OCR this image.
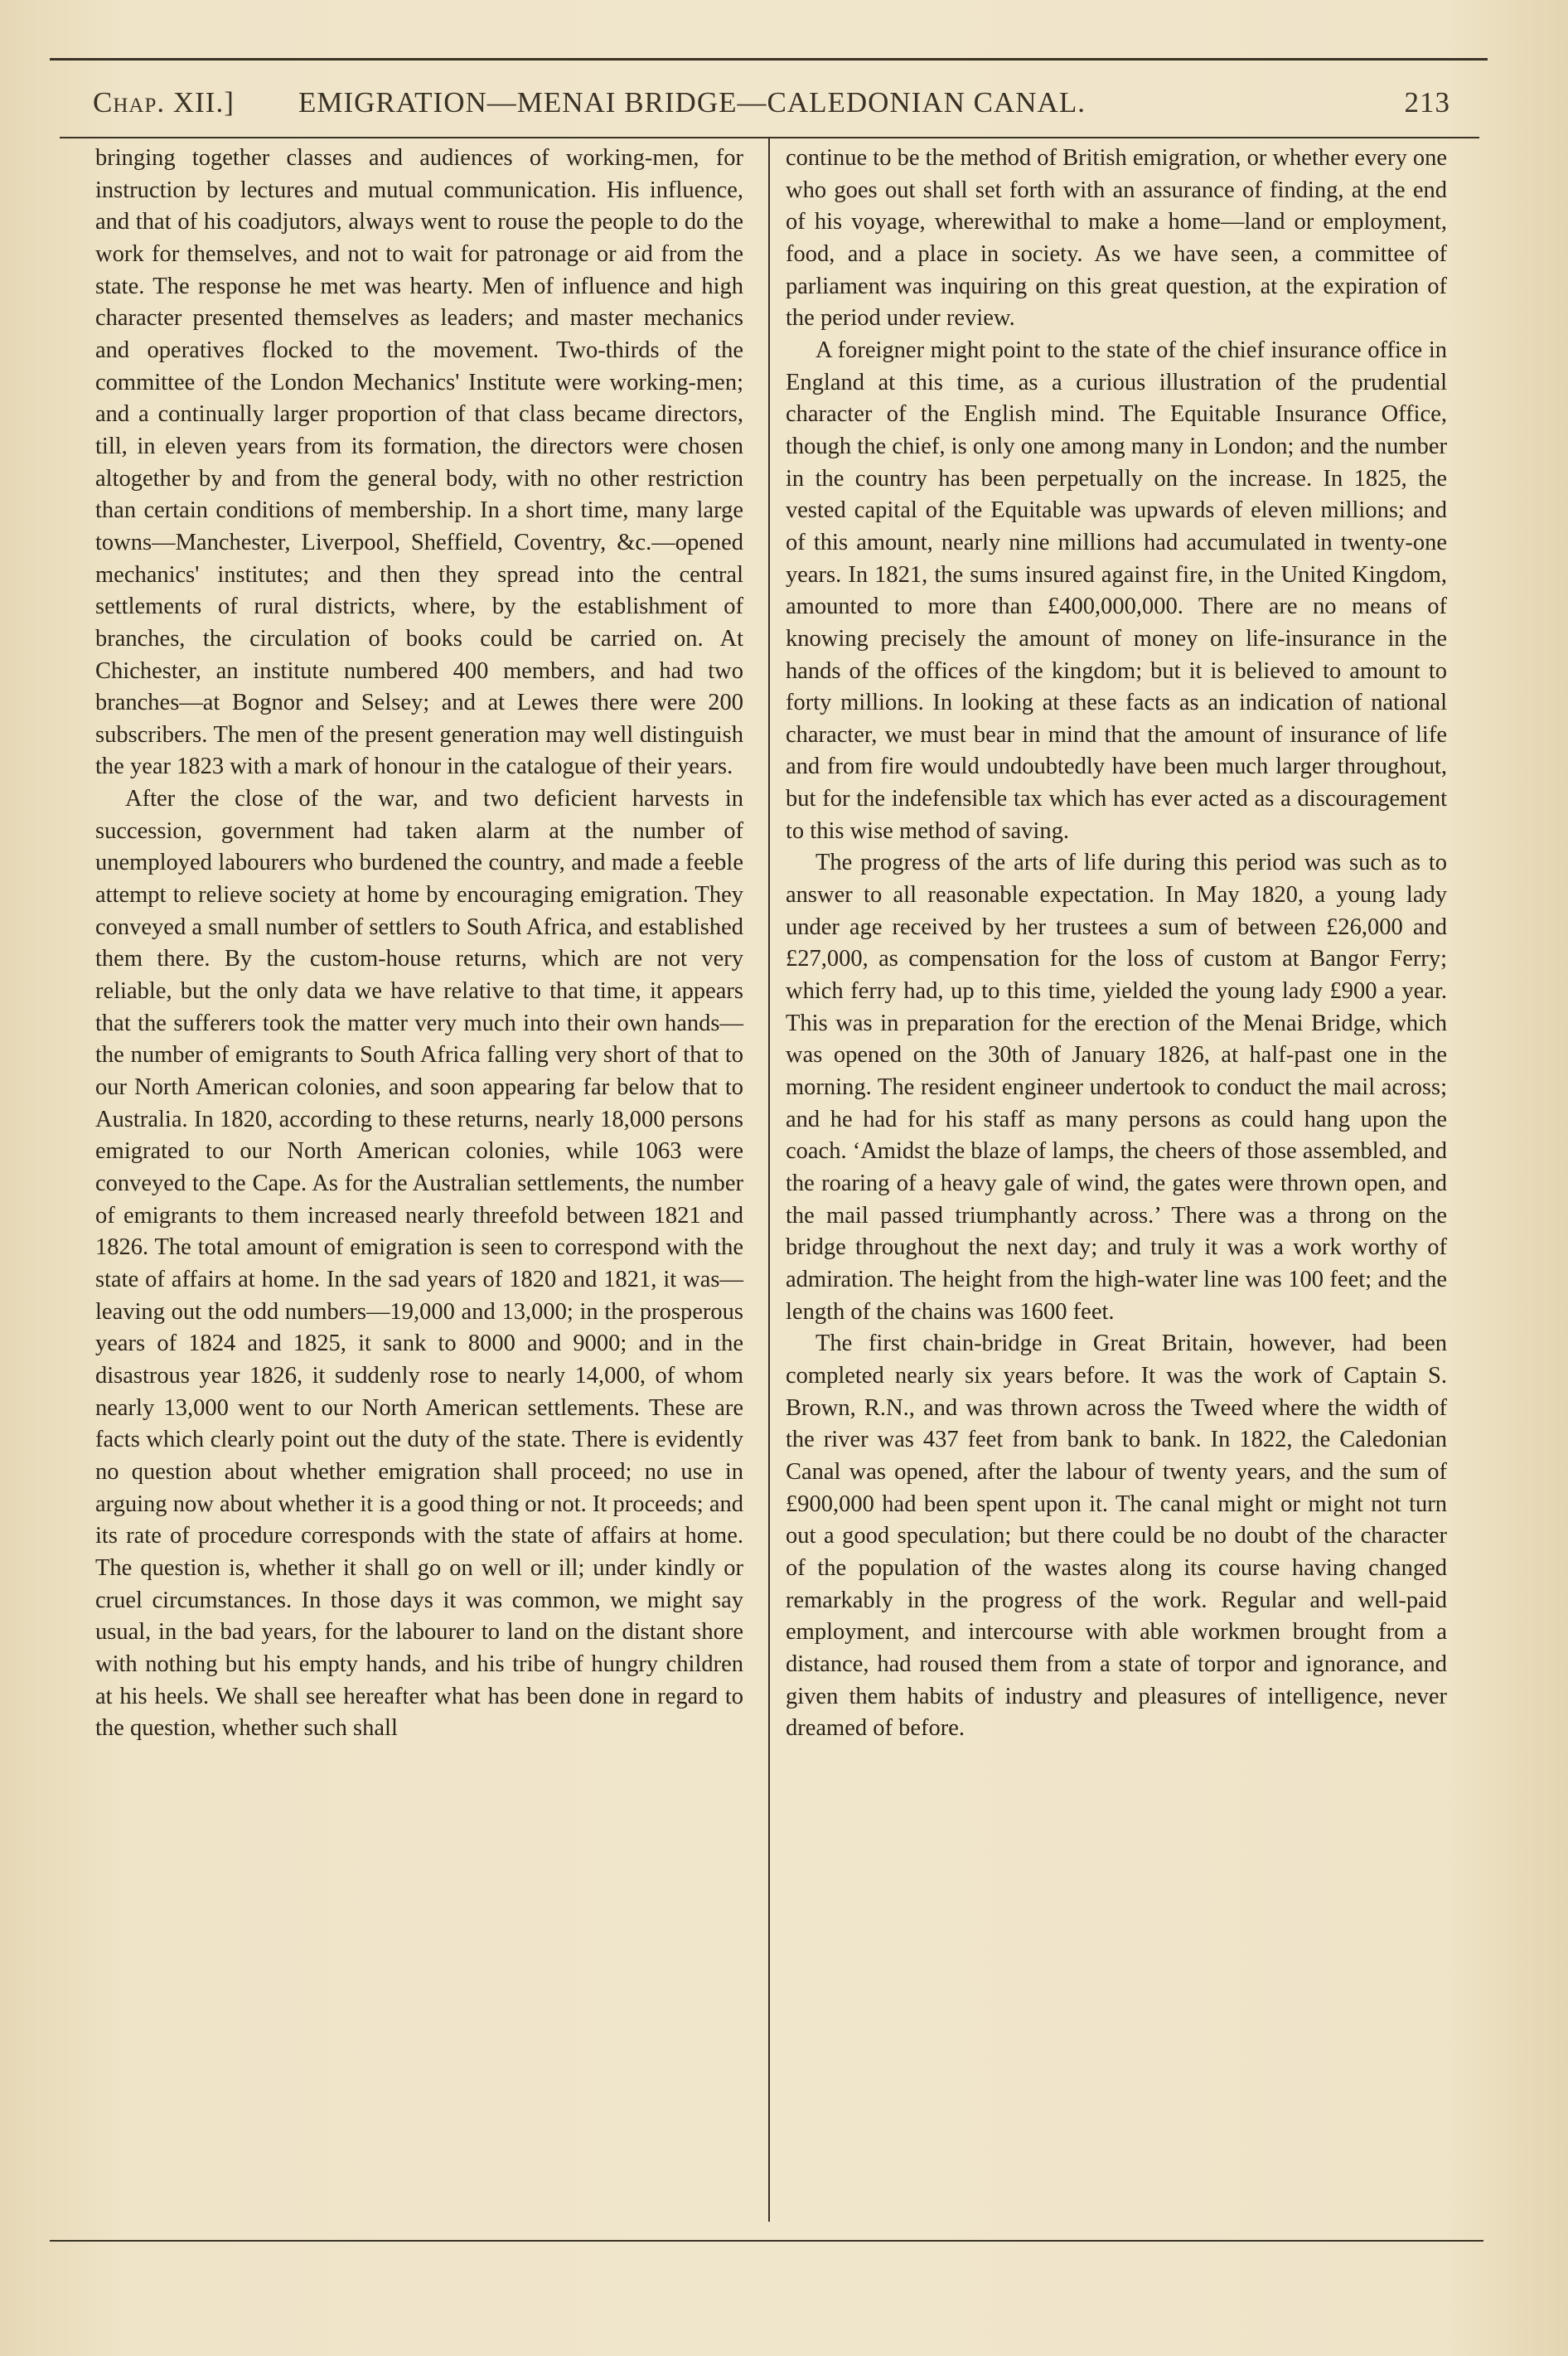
Chap. XII.] EMIGRATION—MENAI BRIDGE—CALEDONIAN CANAL.	213

bringing together classes and audiences of working-men, for instruction by lectures and mutual communication. His influence, and that of his coadjutors, always went to rouse the people to do the work for themselves, and not to wait for patronage or aid from the state. The response he met was hearty. Men of influence and high character presented themselves as leaders; and master mechanics and operatives flocked to the movement. Two-thirds of the committee of the London Mechanics' Institute were working-men; and a continually larger proportion of that class became directors, till, in eleven years from its formation, the directors were chosen altogether by and from the general body, with no other restriction than certain conditions of membership. In a short time, many large towns—Manchester, Liverpool, Sheffield, Coventry, &c.—opened mechanics' institutes; and then they spread into the central settlements of rural districts, where, by the establishment of branches, the circulation of books could be carried on. At Chichester, an institute numbered 400 members, and had two branches—at Bognor and Selsey; and at Lewes there were 200 subscribers. The men of the present generation may well distinguish the year 1823 with a mark of honour in the catalogue of their years.

After the close of the war, and two deficient harvests in succession, government had taken alarm at the number of unemployed labourers who burdened the country, and made a feeble attempt to relieve society at home by encouraging emigration. They conveyed a small number of settlers to South Africa, and established them there. By the custom-house returns, which are not very reliable, but the only data we have relative to that time, it appears that the sufferers took the matter very much into their own hands—the number of emigrants to South Africa falling very short of that to our North American colonies, and soon appearing far below that to Australia. In 1820, according to these returns, nearly 18,000 persons emigrated to our North American colonies, while 1063 were conveyed to the Cape. As for the Australian settlements, the number of emigrants to them increased nearly threefold between 1821 and 1826. The total amount of emigration is seen to correspond with the state of affairs at home. In the sad years of 1820 and 1821, it was—leaving out the odd numbers—19,000 and 13,000; in the prosperous years of 1824 and 1825, it sank to 8000 and 9000; and in the disastrous year 1826, it suddenly rose to nearly 14,000, of whom nearly 13,000 went to our North American settlements. These are facts which clearly point out the duty of the state. There is evidently no question about whether emigration shall proceed; no use in arguing now about whether it is a good thing or not. It proceeds; and its rate of procedure corresponds with the state of affairs at home. The question is, whether it shall go on well or ill; under kindly or cruel circumstances. In those days it was common, we might say usual, in the bad years, for the labourer to land on the distant shore with nothing but his empty hands, and his tribe of hungry children at his heels. We shall see hereafter what has been done in regard to the question, whether such shall

continue to be the method of British emigration, or whether every one who goes out shall set forth with an assurance of finding, at the end of his voyage, wherewithal to make a home—land or employment, food, and a place in society. As we have seen, a committee of parliament was inquiring on this great question, at the expiration of the period under review.

A foreigner might point to the state of the chief insurance office in England at this time, as a curious illustration of the prudential character of the English mind. The Equitable Insurance Office, though the chief, is only one among many in London; and the number in the country has been perpetually on the increase. In 1825, the vested capital of the Equitable was upwards of eleven millions; and of this amount, nearly nine millions had accumulated in twenty-one years. In 1821, the sums insured against fire, in the United Kingdom, amounted to more than £400,000,000. There are no means of knowing precisely the amount of money on life-insurance in the hands of the offices of the kingdom; but it is believed to amount to forty millions. In looking at these facts as an indication of national character, we must bear in mind that the amount of insurance of life and from fire would undoubtedly have been much larger throughout, but for the indefensible tax which has ever acted as a discouragement to this wise method of saving.

The progress of the arts of life during this period was such as to answer to all reasonable expectation. In May 1820, a young lady under age received by her trustees a sum of between £26,000 and £27,000, as compensation for the loss of custom at Bangor Ferry; which ferry had, up to this time, yielded the young lady £900 a year. This was in preparation for the erection of the Menai Bridge, which was opened on the 30th of January 1826, at half-past one in the morning. The resident engineer undertook to conduct the mail across; and he had for his staff as many persons as could hang upon the coach. ‘Amidst the blaze of lamps, the cheers of those assembled, and the roaring of a heavy gale of wind, the gates were thrown open, and the mail passed triumphantly across.’ There was a throng on the bridge throughout the next day; and truly it was a work worthy of admiration. The height from the high-water line was 100 feet; and the length of the chains was 1600 feet.

The first chain-bridge in Great Britain, however, had been completed nearly six years before. It was the work of Captain S. Brown, R.N., and was thrown across the Tweed where the width of the river was 437 feet from bank to bank. In 1822, the Caledonian Canal was opened, after the labour of twenty years, and the sum of £900,000 had been spent upon it. The canal might or might not turn out a good speculation; but there could be no doubt of the character of the population of the wastes along its course having changed remarkably in the progress of the work. Regular and well-paid employment, and intercourse with able workmen brought from a distance, had roused them from a state of torpor and ignorance, and given them habits of industry and pleasures of intelligence, never dreamed of before.
